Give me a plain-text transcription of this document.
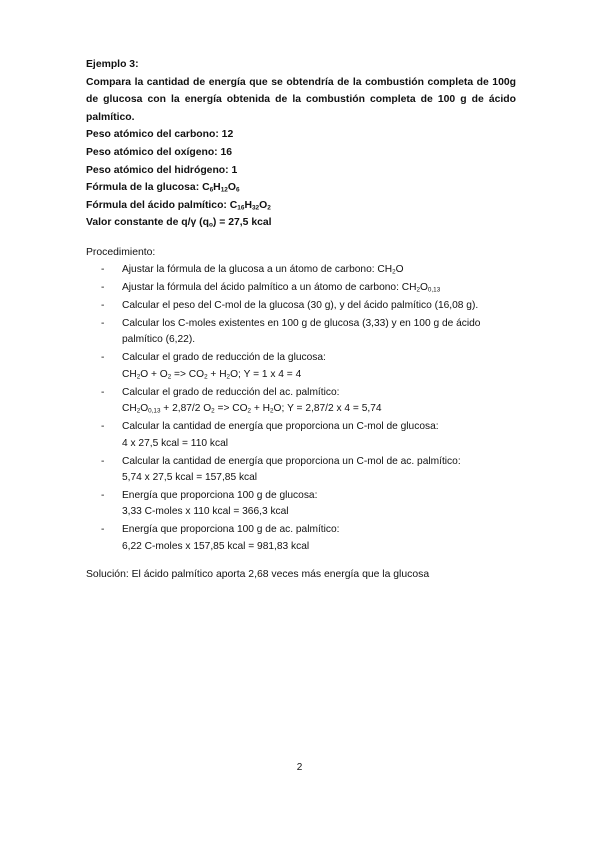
Ejemplo 3:
Compara la cantidad de energía que se obtendría de la combustión completa de 100g de glucosa con la energía obtenida de la combustión completa de 100 g de ácido palmítico.
Peso atómico del carbono: 12
Peso atómico del oxígeno: 16
Peso atómico del hidrógeno: 1
Fórmula de la glucosa: $C_6H_{12}O_6$
Fórmula del ácido palmítico: $C_{16}H_{32}O_2$
Valor constante de q/γ $(q_o) = 27,5$ kcal
Procedimiento:
-	Ajustar la fórmula de la glucosa a un átomo de carbono: $CH_2O$
-	Ajustar la fórmula del ácido palmítico a un átomo de carbono: $CH_2O_{0,13}$
-	Calcular el peso del C-mol de la glucosa (30 g), y del ácido palmítico (16,08 g).
-	Calcular los C-moles existentes en 100 g de glucosa (3,33) y en 100 g de ácido palmítico (6,22).
-	Calcular el grado de reducción de la glucosa:
$CH_2O + O_2 => CO_2 + H_2O$; Υ = 1 x 4 = 4
-	Calcular el grado de reducción del ac. palmítico:
$CH_2O_{0,13} + 2,87/2$ $O_2 => CO_2 + H_2O$; Υ = 2,87/2 x 4 = 5,74
-	Calcular la cantidad de energía que proporciona un C-mol de glucosa:
4 x 27,5 kcal = 110 kcal
-	Calcular la cantidad de energía que proporciona un C-mol de ac. palmítico:
5,74 x 27,5 kcal = 157,85 kcal
-	Energía que proporciona 100 g de glucosa:
3,33 C-moles x 110 kcal = 366,3 kcal
-	Energía que proporciona 100 g de ac. palmítico:
6,22 C-moles x 157,85 kcal = 981,83 kcal
Solución: El ácido palmítico aporta 2,68 veces más energía que la glucosa
2
